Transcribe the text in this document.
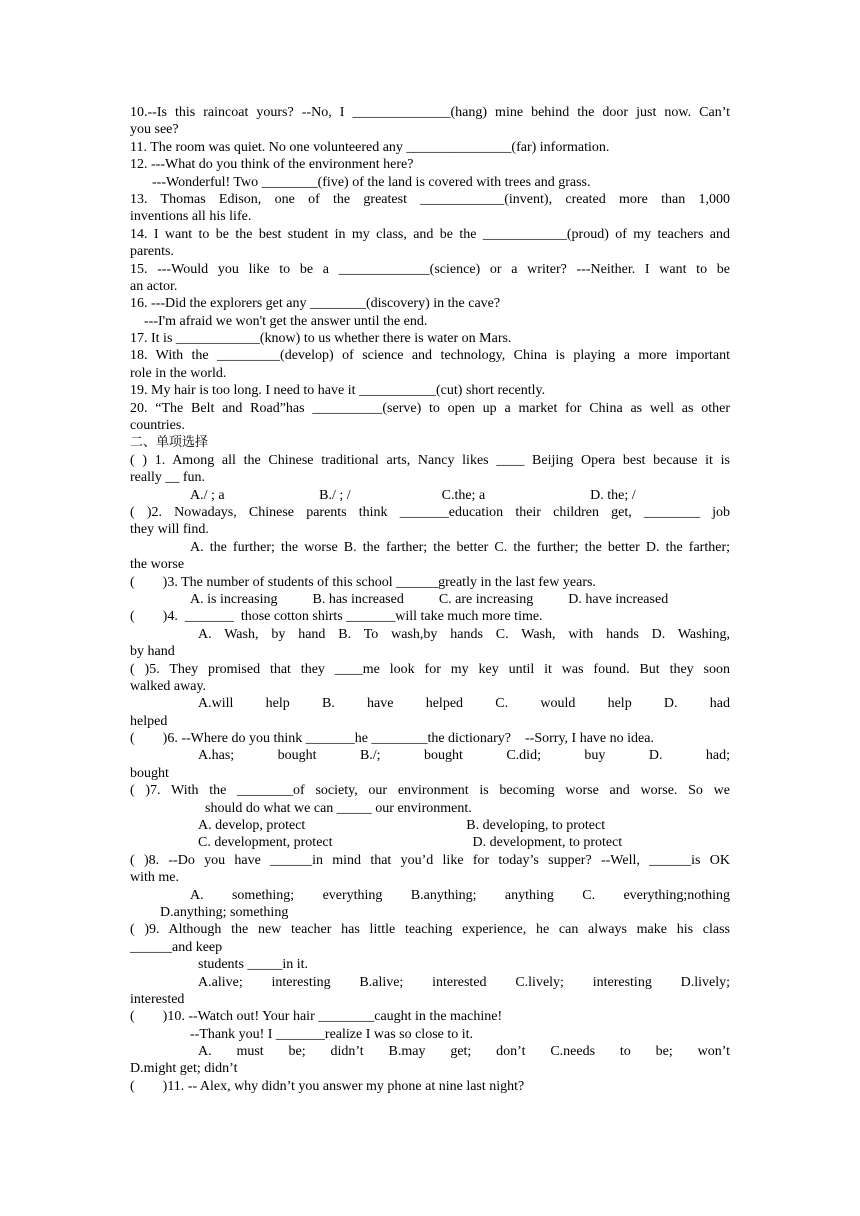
10.--Is this raincoat yours? --No, I ______________(hang) mine behind the door just now. Can’t
you see?
11. The room was quiet. No one volunteered any _______________(far) information.
12. ---What do you think of the environment here?
---Wonderful! Two ________(five) of the land is covered with trees and grass.
13. Thomas Edison, one of the greatest ____________(invent), created more than 1,000
inventions all his life.
14. I want to be the best student in my class, and be the ____________(proud) of my teachers and
parents.
15. ---Would you like to be a _____________(science) or a writer? ---Neither. I want to be
an actor.
16. ---Did the explorers get any ________(discovery) in the cave?
---I'm afraid we won't get the answer until the end.
17. It is ____________(know) to us whether there is water on Mars.
18. With the _________(develop) of science and technology, China is playing a more important
role in the world.
19. My hair is too long. I need to have it ___________(cut) short recently.
20. “The Belt and Road”has __________(serve) to open up a market for China as well as other
countries.
二、单项选择
( ) 1. Among all the Chinese traditional arts, Nancy likes ____ Beijing Opera best because it is
really __ fun.
A./ ; a                           B./ ; /                          C.the; a                              D. the; /
( )2. Nowadays, Chinese parents think _______education their children get, ________ job
they will find.
A. the further; the worse B. the farther; the better C. the further; the better D. the farther;
the worse
(        )3. The number of students of this school ______greatly in the last few years.
A. is increasing          B. has increased          C. are increasing          D. have increased
(        )4.  _______  those cotton shirts _______will take much more time.
A. Wash, by hand B. To wash,by hands C. Wash, with hands D. Washing,
by hand
( )5. They promised that they ____me look for my key until it was found. But they soon
walked away.
A.will help B. have helped C. would help D. had
helped
(        )6. --Where do you think _______he ________the dictionary?    --Sorry, I have no idea.
A.has; bought B./; bought C.did; buy D. had;
bought
( )7. With the ________of society, our environment is becoming worse and worse. So we
should do what we can _____ our environment.
A. develop, protect                                              B. developing, to protect
C. development, protect                                        D. development, to protect
( )8. --Do you have ______in mind that you’d like for today’s supper? --Well, ______is OK
with me.
A. something; everything B.anything; anything C. everything;nothing
D.anything; something
( )9. Although the new teacher has little teaching experience, he can always make his class
______and keep
students _____in it.
A.alive; interesting B.alive; interested C.lively; interesting D.lively;
interested
(        )10. --Watch out! Your hair ________caught in the machine!
--Thank you! I _______realize I was so close to it.
A. must be; didn’t B.may get; don’t C.needs to be; won’t
D.might get; didn’t
(        )11. -- Alex, why didn’t you answer my phone at nine last night?
